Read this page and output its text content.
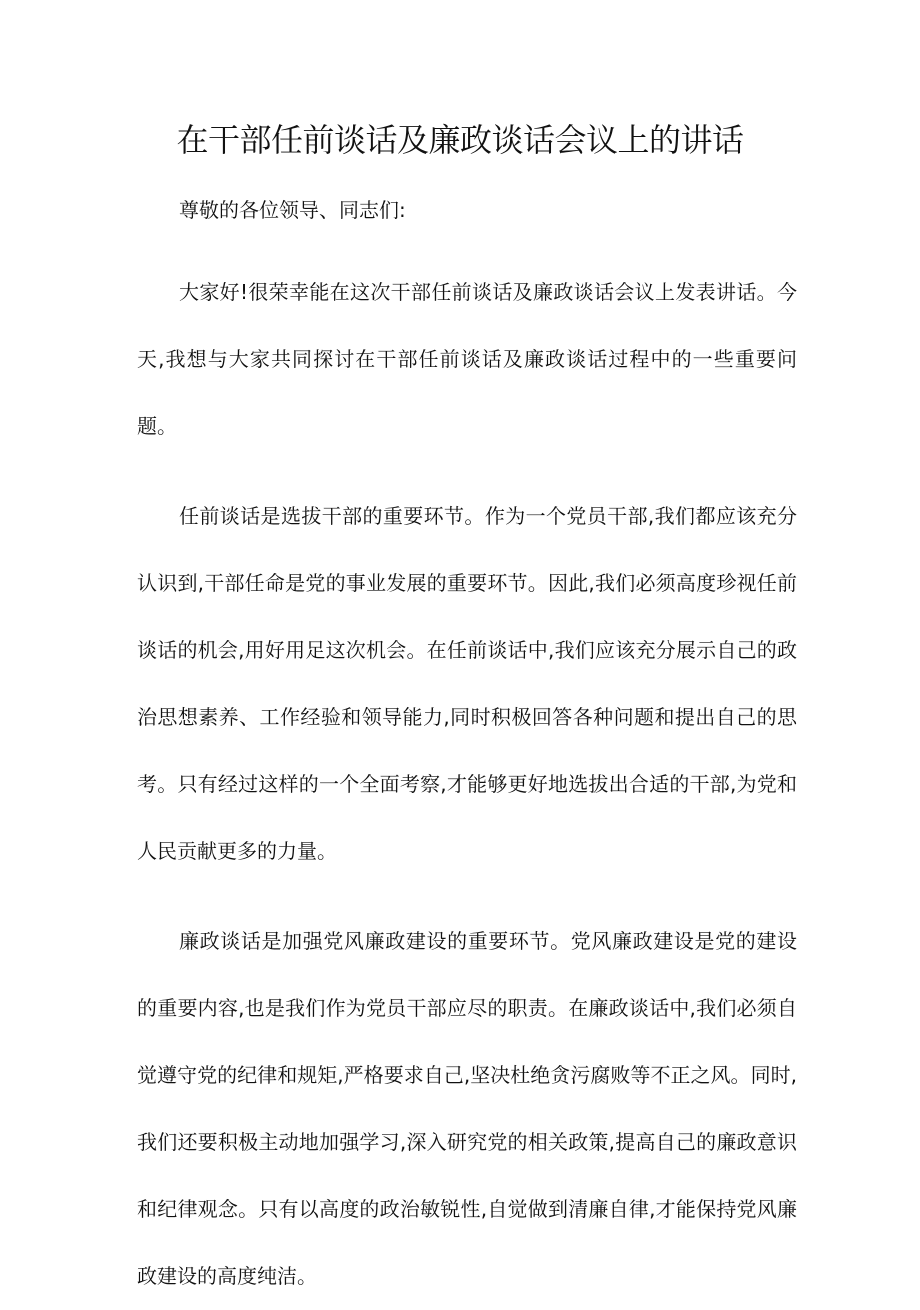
在干部任前谈话及廉政谈话会议上的讲话

尊敬的各位领导、同志们:

大家好!很荣幸能在这次干部任前谈话及廉政谈话会议上发表讲话。今天,我想与大家共同探讨在干部任前谈话及廉政谈话过程中的一些重要问题。

任前谈话是选拔干部的重要环节。作为一个党员干部,我们都应该充分认识到,干部任命是党的事业发展的重要环节。因此,我们必须高度珍视任前谈话的机会,用好用足这次机会。在任前谈话中,我们应该充分展示自己的政治思想素养、工作经验和领导能力,同时积极回答各种问题和提出自己的思考。只有经过这样的一个全面考察,才能够更好地选拔出合适的干部,为党和人民贡献更多的力量。

廉政谈话是加强党风廉政建设的重要环节。党风廉政建设是党的建设的重要内容,也是我们作为党员干部应尽的职责。在廉政谈话中,我们必须自觉遵守党的纪律和规矩,严格要求自己,坚决杜绝贪污腐败等不正之风。同时,我们还要积极主动地加强学习,深入研究党的相关政策,提高自己的廉政意识和纪律观念。只有以高度的政治敏锐性,自觉做到清廉自律,才能保持党风廉政建设的高度纯洁。
